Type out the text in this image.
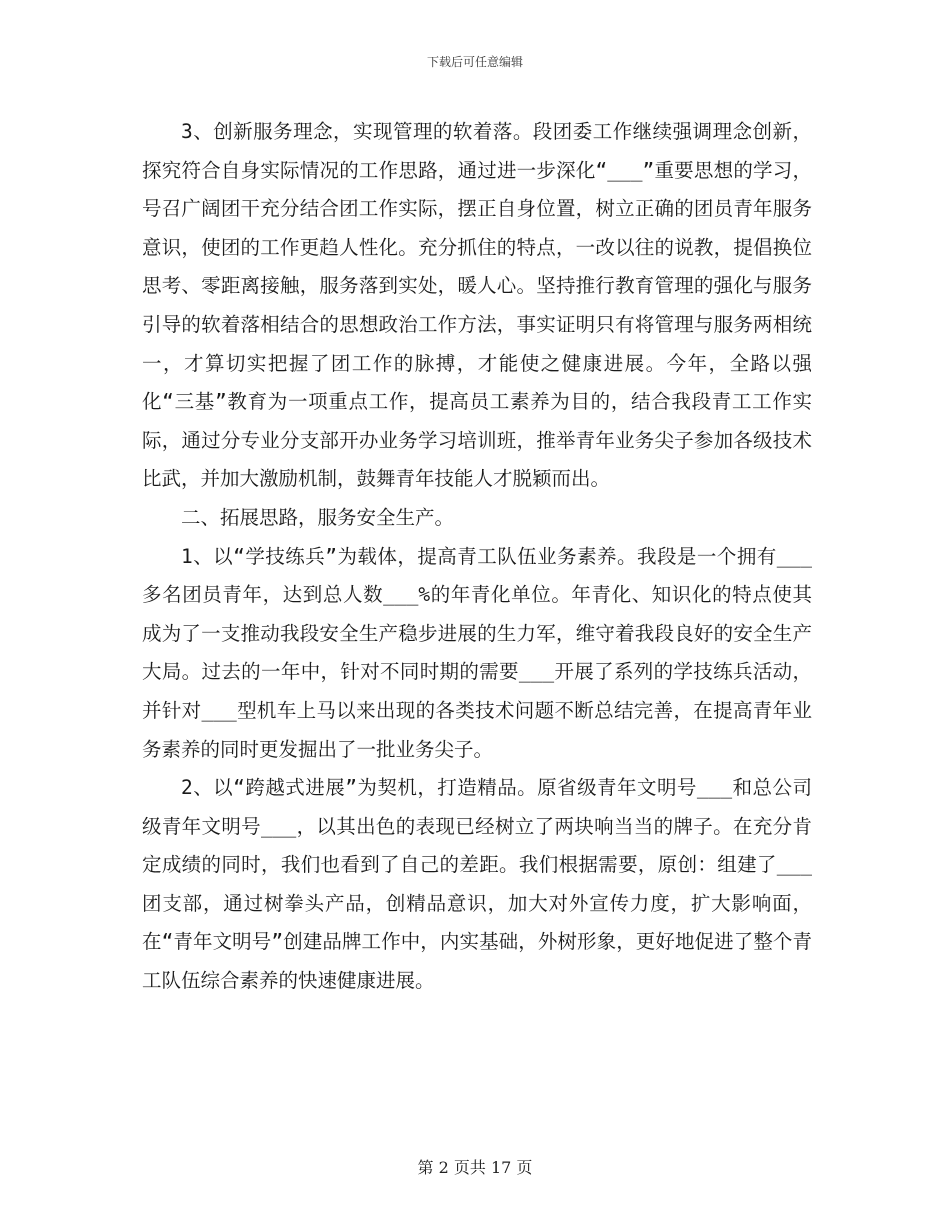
下载后可任意编辑

3、创新服务理念，实现管理的软着落。段团委工作继续强调理念创新，探究符合自身实际情况的工作思路，通过进一步深化“___”重要思想的学习，号召广阔团干充分结合团工作实际，摆正自身位置，树立正确的团员青年服务意识，使团的工作更趋人性化。充分抓住的特点，一改以往的说教，提倡换位思考、零距离接触，服务落到实处，暖人心。坚持推行教育管理的强化与服务引导的软着落相结合的思想政治工作方法，事实证明只有将管理与服务两相统一，才算切实把握了团工作的脉搏，才能使之健康进展。今年，全路以强化“三基”教育为一项重点工作，提高员工素养为目的，结合我段青工工作实际，通过分专业分支部开办业务学习培训班，推举青年业务尖子参加各级技术比武，并加大激励机制，鼓舞青年技能人才脱颖而出。

二、拓展思路，服务安全生产。

1、以“学技练兵”为载体，提高青工队伍业务素养。我段是一个拥有___多名团员青年，达到总人数___%的年青化单位。年青化、知识化的特点使其成为了一支推动我段安全生产稳步进展的生力军，维守着我段良好的安全生产大局。过去的一年中，针对不同时期的需要___开展了系列的学技练兵活动，并针对___型机车上马以来出现的各类技术问题不断总结完善，在提高青年业务素养的同时更发掘出了一批业务尖子。

2、以“跨越式进展”为契机，打造精品。原省级青年文明号___和总公司级青年文明号___，以其出色的表现已经树立了两块响当当的牌子。在充分肯定成绩的同时，我们也看到了自己的差距。我们根据需要，原创：组建了___团支部，通过树拳头产品，创精品意识，加大对外宣传力度，扩大影响面，在“青年文明号”创建品牌工作中，内实基础，外树形象，更好地促进了整个青工队伍综合素养的快速健康进展。

第 2 页共 17 页
